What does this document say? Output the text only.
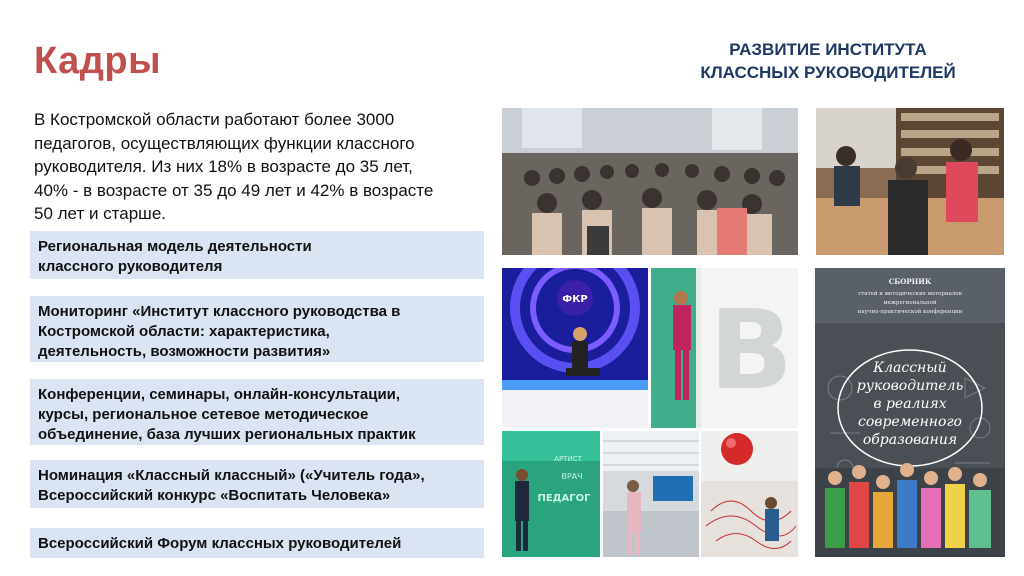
Кадры	РАЗВИТИЕ ИНСТИТУТА
КЛАССНЫХ РУКОВОДИТЕЛЕЙ
В Костромской области работают более 3000
педагогов, осуществляющих функции классного
руководителя. Из них 18% в возрасте до 35 лет,
40% - в возрасте от 35 до 49 лет и 42% в возрасте
50 лет и старше.
Региональная модель деятельности
классного руководителя
Мониторинг «Институт классного руководства в
Костромской области: характеристика,
деятельность, возможности развития»
Конференции, семинары, онлайн-консультации,
курсы, региональное сетевое методическое
объединение, база лучших региональных практик
Номинация «Классный классный» («Учитель года»,
Всероссийский конкурс «Воспитать Человека»
Всероссийский Форум классных руководителей
ФКР В
ПЕДАГОГ
ВРАЧ
АРТИСТ
СБОРНИК
статей и методических материалов
межрегиональной
научно-практической конференции
Классный
руководитель
в реалиях
современного
образования
